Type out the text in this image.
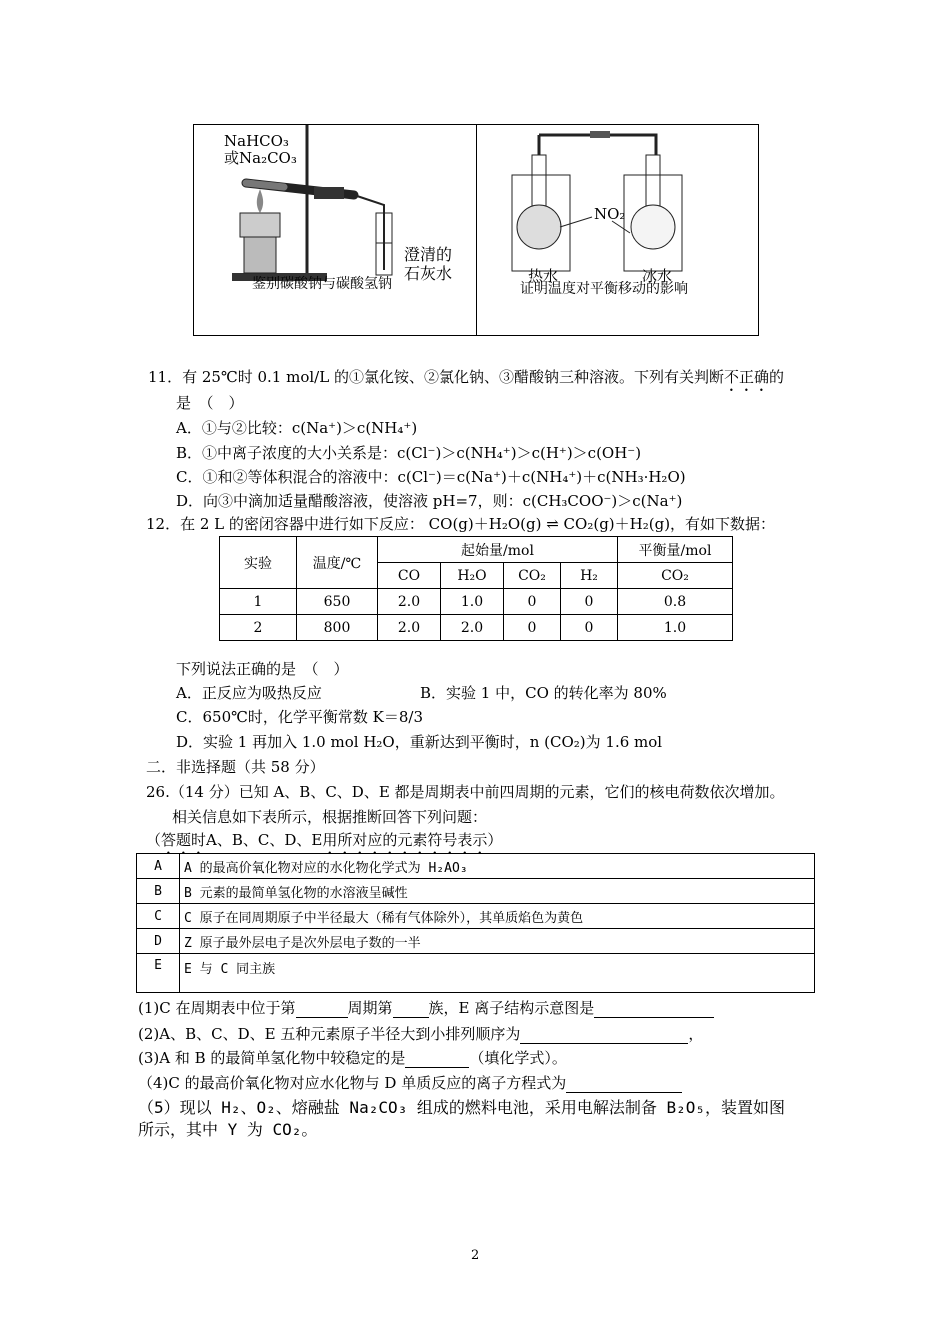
NaHCO₃
或Na₂CO₃
澄清的
石灰水
鉴别碳酸钠与碳酸氢钠
NO₂
热水	冰水
证明温度对平衡移动的影响
11．有 25℃时 0.1 mol/L 的①氯化铵、②氯化钠、③醋酸钠三种溶液。下列有关判断不正确的
是　（　）
A．①与②比较：c(Na⁺)＞c(NH₄⁺)
B．①中离子浓度的大小关系是：c(Cl⁻)＞c(NH₄⁺)＞c(H⁺)＞c(OH⁻)
C．①和②等体积混合的溶液中：c(Cl⁻)＝c(Na⁺)＋c(NH₄⁺)＋c(NH₃·H₂O)
D．向③中滴加适量醋酸溶液，使溶液 pH=7，则：c(CH₃COO⁻)＞c(Na⁺)
12．在 2 L 的密闭容器中进行如下反应： CO(g)＋H₂O(g) ⇌ CO₂(g)＋H₂(g)，有如下数据：
实验	温度/℃	起始量/mol				平衡量/mol
		CO	H₂O	CO₂	H₂	CO₂
1	650	2.0	1.0	0	0	0.8
2	800	2.0	2.0	0	0	1.0
下列说法正确的是　（　）
A．正反应为吸热反应	B．实验 1 中，CO 的转化率为 80%
C．650℃时，化学平衡常数 K＝8/3
D．实验 1 再加入 1.0 mol H₂O，重新达到平衡时，n (CO₂)为 1.6 mol
二．非选择题（共 58 分）
26.（14 分）已知 A、B、C、D、E 都是周期表中前四周期的元素，它们的核电荷数依次增加。
相关信息如下表所示，根据推断回答下列问题：
（答题时A、B、C、D、E用所对应的元素符号表示）
A	A 的最高价氧化物对应的水化物化学式为 H₂AO₃
B	B 元素的最简单氢化物的水溶液呈碱性
C	C 原子在同周期原子中半径最大（稀有气体除外），其单质焰色为黄色
D	Z 原子最外层电子是次外层电子数的一半
E	E 与 C 同主族
(1)C 在周期表中位于第	周期第 族，E 离子结构示意图是
(2)A、B、C、D、E 五种元素原子半径大到小排列顺序为	，
(3)A 和 B 的最简单氢化物中较稳定的是	（填化学式）。
（4)C 的最高价氧化物对应水化物与 D 单质反应的离子方程式为
（5）现以 H₂、O₂、熔融盐 Na₂CO₃ 组成的燃料电池，采用电解法制备 B₂O₅，装置如图
所示，其中 Y 为 CO₂。
2
